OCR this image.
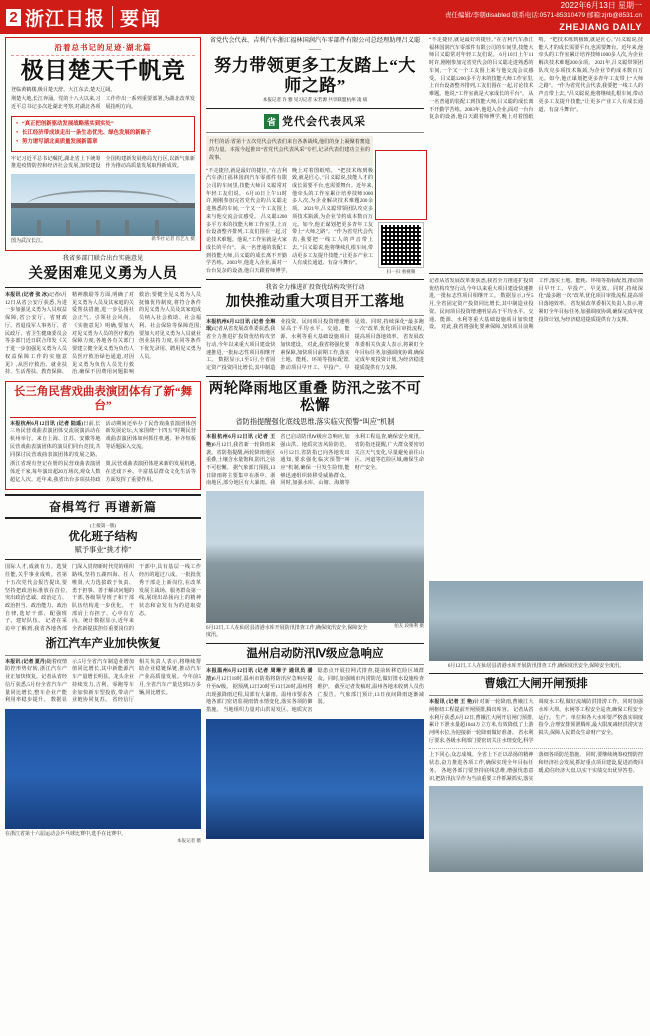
2 浙江日报 要闻
2022年6月13日 星期一
责任编辑/李朝disabled 联系电话:0571-85310479 邮箱:zjrb@8531.cn
ZHEJIANG DAILY
沿着总书记的足迹·湖北篇
极目楚天千帆竞
登临黄鹤楼,极目楚天舒。大江东去,楚天辽阔。
荆楚大地,长江奔涌。党的十八大以来,习近平总书记多次赴湖北考察,对湖北各项工作作出一系列重要部署,为湖北改革发展指明方向。
● “真正把创新驱动发展战略落实到实处”
● 长江经济带成该走出一条生态优先、绿色发展的新路子
● 努力谱写湖北高质量发展新篇章
牢记习近平总书记嘱托,湖北省上下统筹推进疫情防控和经济社会发展,加快建设全国构建新发展格局先行区,以新气象新作为推动高质量发展取得新成效。
图为武汉长江。
新华社记者 肖艺九 摄
我省多部门联合出台实施意见
关爱困难见义勇为人员
本报讯 (记者 张 冰)记者6月12日从省公安厅获悉,为进一步加强见义勇为人员权益保障,省公安厅、省财政厅、省退役军人事务厅、省民政厅、省卫生健康委员会等多部门近日联合印发《关于进一步加强见义勇为人员权益保障工作的实施意见》,从医疗救治、就业扶持、生活帮扶、教育保障、精神激励等方面,明确了对见义勇为人员及其家庭的关爱帮扶措施,进一步弘扬社会正气、引领社会风尚。 《实施意见》明确,要加大对见义勇为人员的医疗救治保障力度,各地各有关部门要建立健全见义勇为负伤人员医疗救治绿色通道,对因见义勇为负伤人员先行救治,确保不因费用问题影响救治;要健全见义勇为人员抚恤优待制度,将符合条件的见义勇为人员及其家庭成员纳入社会救助、社会福利、社会保险等保障范围;要加大对见义勇为人员就业创业扶持力度,在同等条件下优先录用、聘用见义勇为人员。
长三角民营戏曲表演团体有了新“舞台”
本报杭州6月12日讯 (记者 陆遥)日前,长三角民营戏曲表演团体交流展演活动在杭州举行。来自上海、江苏、安徽等地民营戏曲表演团体的演员们同台竞技,共同探讨民营戏曲表演团体的发展之路。活动期间还举办了民营戏曲表演团体创新发展论坛,大家围绕“十四五”时期民营戏曲表演团体如何抓住机遇、补齐短板等话题深入交流。
浙江省现有登记在册的民营戏曲表演团体近千家,每年演出超20万场次,观众人数超亿人次。近年来,我省出台多项扶持政策,民营戏曲表演团体迎来新的发展机遇,在送戏下乡、丰富基层群众文化生活等方面发挥了重要作用。
奋楫笃行 再谱新篇
(上接第一版)
优化班子结构
赋予事业“挑才棒”
国际人才,成就有力。选贤任能,关乎事业成败。省第十五次党代会报告提出,要坚持把政治标准放在首位,突出政治忠诚、政治定力、政治担当、政治能力、政治自律,选好干部、配强班子、建好队伍。 记者在采访中了解到,我省各地各部门深入贯彻新时代党的组织路线,坚持五湖四海、任人唯贤,大力选拔敢于负责、勇于担事、善于解决问题的干部,各级领导班子和干部队伍结构进一步优化。 干部肩上有担子、心中有方向。统计数据显示,近年来全省新提拔担任重要岗位的干部中,具有基层一线工作经历的超过八成。一批批优秀干部走上新岗位,在改革发展主战场、服务群众第一线,展现出昂扬向上的精神状态和奋发有为的进取姿态。
浙江汽车产业加快恢复
本报讯 (记者 夏丹)随着疫情防控形势好转,浙江汽车产业正加快恢复。记者从省经信厅获悉,5月份全省汽车产量同比增长,整车企业产能利用率稳步提升。 数据显示,5月全省汽车制造业增加值同比增长,其中新能源汽车产量增长明显。龙头企业持续发力,吉利、零跑等车企加快新车型投放,带动产业链协同复苏。 省经信厅相关负责人表示,将继续帮助企业稳链保链,推动汽车产业高质量发展。今年前5月,全省汽车产量达到3万多辆,同比增长。
在浙江省第十六届运动会乒乓球比赛中,选手在比赛中。
本报记者 摄
省党代会代表、吉利汽车浙江福林国润汽车零部件有限公司总经理助理吕义聪——
努力带领更多工友踏上“大师之路”
本报记者 许 雅 见习记者 宋若源 共享联盟杭州 凌 斌
省 党代会代表风采
开栏的话:省第十五次党代会代表们来自各条战线,他们的身上凝聚着奮進的力量。本报今起推出“省党代会代表风采”专栏,记录代表们建功立业的故事。
“不走捷径,就是最好的捷径。”在吉利汽车浙江福林国润汽车零部件有限公司的车间里,技能大师吕义聪常对年轻工友们说。 6月10日上午11时许,刚刚参加完省党代会的吕义聪走进熟悉的车间,一个又一个工友围上来与他交流会议感受。 吕义聪1200多平方米的技能大师工作室里,上百台设备整齐排列,工友们围在一起,讨论技术难题。他说,“工作室就是大家成长的平台”。 从一名普通的装配工到技能大师,吕义聪的成长离不开勤学苦练。2003年,他进入企业,面对一台台复杂的设备,他白天跟着师傅学,晚上对着图纸啃。 “把技术练到极致,就是匠心。”吕义聪说,技能人才的成长需要平台,也需要舞台。近年来,他牵头的工作室累计培养技师1000多人次,为企业解决技术难题200余项。 2021年,吕义聪带领团队攻克多项技术瓶颈,为企业节约成本数百万元。如今,他正谋划把更多青年工友带上“大师之路”。 “作为省党代会代表,我要把一线工人的声音带上去。”吕义聪说,他将继续扎根车间,带动更多工友提升技能,“让更多产业工人有成长通道、有奋斗舞台”。
扫一扫 看视频
我省全力推进扩投资优结构攻坚行动
加快推动重大项目开工落地
本报杭州6月12日讯 (记者 全琳珉)记者从省发展改革委获悉,我省全力推进扩投资优结构攻坚行动,今年以来重大项目建设快速推进,一批标志性项目相继开工。 数据显示,1至5月,全省固定资产投资同比增长,其中制造业投资、民间项目投资增速明显高于平均水平。交通、能源、水利等重大基础设施项目加快建设。 对此,我省将强化要素保障,加快项目前期工作,落实土地、能耗、环境等指标配置,推动项目早开工、早投产、早见效。同时,持续深化“最多跑一次”改革,优化项目审批流程,提高项目落地效率。 省发展改革委相关负责人表示,将紧盯全年目标任务,加强调度协调,确保完成年度投资计划,为经济稳进提质提供有力支撑。
两轮降雨地区重叠 防汛之弦不可松懈
省防指提醒强化底线思维,落实临灾预警“叫应”机制
本报杭州6月12日讯 (记者 王 艳)6月12日,我省新一轮降雨来袭。省防指提醒,两轮降雨地区重叠,土壤含水量饱和,防汛之弦不可松懈。 据气象部门预报,13日降雨将主要集中在浙中、浙南地区,部分地区有大暴雨。我省已启动防汛Ⅳ级应急响应,加强山洪、地质灾害风险防范。 6月12日,省防指已向各地发出通知,要求强化临灾预警“叫应”机制,确保一旦发生险情,能够迅速组织转移受威胁群众。同时,加强水库、山塘、海塘等水利工程巡查,确保安全度汛。 省防指还提醒,广大群众要密切关注天气变化,尽量避免前往山区、河道等危险区域,确保生命财产安全。
6月12日,工人在仙居县清港水库开展防汛排查工作,确保度汛安全,保障安全度汛。
拍友 段俊利 摄
温州启动防汛Ⅳ级应急响应
本报温州6月12日讯 (记者 周琳子 通讯员 潘 洁)6月12日18时,温州市防指将防汛应急响应提升至Ⅳ级。 据预测,12日20时至13日20时,温州将出现强降雨过程,局部有大暴雨。温州市要求各地各部门密切监视雨情水情变化,落实各项防御措施。 当地组织力量对山洪易发区、地质灾害隐患点开展拉网式排查,提前转移危险区域群众。同时,加强城市内涝防范,做好排水设施检查维护。 截至记者发稿时,温州各地未收到人员伤亡报告。气象部门预计,13日夜间降雨逐渐减弱。
“不走捷径,就是最好的捷径。”在吉利汽车浙江福林国润汽车零部件有限公司的车间里,技能大师吕义聪常对年轻工友们说。 6月10日上午11时许,刚刚参加完省党代会的吕义聪走进熟悉的车间,一个又一个工友围上来与他交流会议感受。 吕义聪1200多平方米的技能大师工作室里,上百台设备整齐排列,工友们围在一起,讨论技术难题。他说,“工作室就是大家成长的平台”。 从一名普通的装配工到技能大师,吕义聪的成长离不开勤学苦练。2003年,他进入企业,面对一台台复杂的设备,他白天跟着师傅学,晚上对着图纸啃。 “把技术练到极致,就是匠心。”吕义聪说,技能人才的成长需要平台,也需要舞台。近年来,他牵头的工作室累计培养技师1000多人次,为企业解决技术难题200余项。 2021年,吕义聪带领团队攻克多项技术瓶颈,为企业节约成本数百万元。如今,他正谋划把更多青年工友带上“大师之路”。 “作为省党代会代表,我要把一线工人的声音带上去。”吕义聪说,他将继续扎根车间,带动更多工友提升技能,“让更多产业工人有成长通道、有奋斗舞台”。
记者从省发展改革委获悉,我省全力推进扩投资优结构攻坚行动,今年以来重大项目建设快速推进,一批标志性项目相继开工。 数据显示,1至5月,全省固定资产投资同比增长,其中制造业投资、民间项目投资增速明显高于平均水平。交通、能源、水利等重大基础设施项目加快建设。 对此,我省将强化要素保障,加快项目前期工作,落实土地、能耗、环境等指标配置,推动项目早开工、早投产、早见效。同时,持续深化“最多跑一次”改革,优化项目审批流程,提高项目落地效率。 省发展改革委相关负责人表示,将紧盯全年目标任务,加强调度协调,确保完成年度投资计划,为经济稳进提质提供有力支撑。
6月12日,工人在仙居县清港水库开展防汛排查工作,确保度汛安全,保障安全度汛。
曹娥江大闸开闸预排
本报讯 (记者 王 艳)针对新一轮降雨,曹娥江大闸枢纽工程提前开闸预排,腾出库容。 记者从省水利厅获悉,6月12日,曹娥江大闸开启闸门预排,累计下泄水量超1044万立方米,有效降低了上游河网水位,为迎接新一轮降雨做好准备。 省水利厅要求,各级水利部门要密切关注水情变化,科学调度水工程,做好流域防洪排涝工作。同时加强水库大坝、水闸等工程安全巡查,确保工程安全运行。 生产、单位和各大水库要严格落实调度指令,合理安排预泄腾库,最大限度减轻洪涝灾害损失,保障人民群众生命财产安全。
上下同心,众志成城。全省上下正以昂扬的精神状态,奋力推进各项工作,确保实现全年目标任务。 各地各部门要坚持底线思维,增强忧患意识,把防汛抗旱作为当前重要工作抓紧抓实,落实落细各项防范措施。 同时,要继续统筹疫情防控和经济社会发展,抓好重点项目建设,促进消费回暖,稳住经济大盘,以实干实绩交出优异答卷。
